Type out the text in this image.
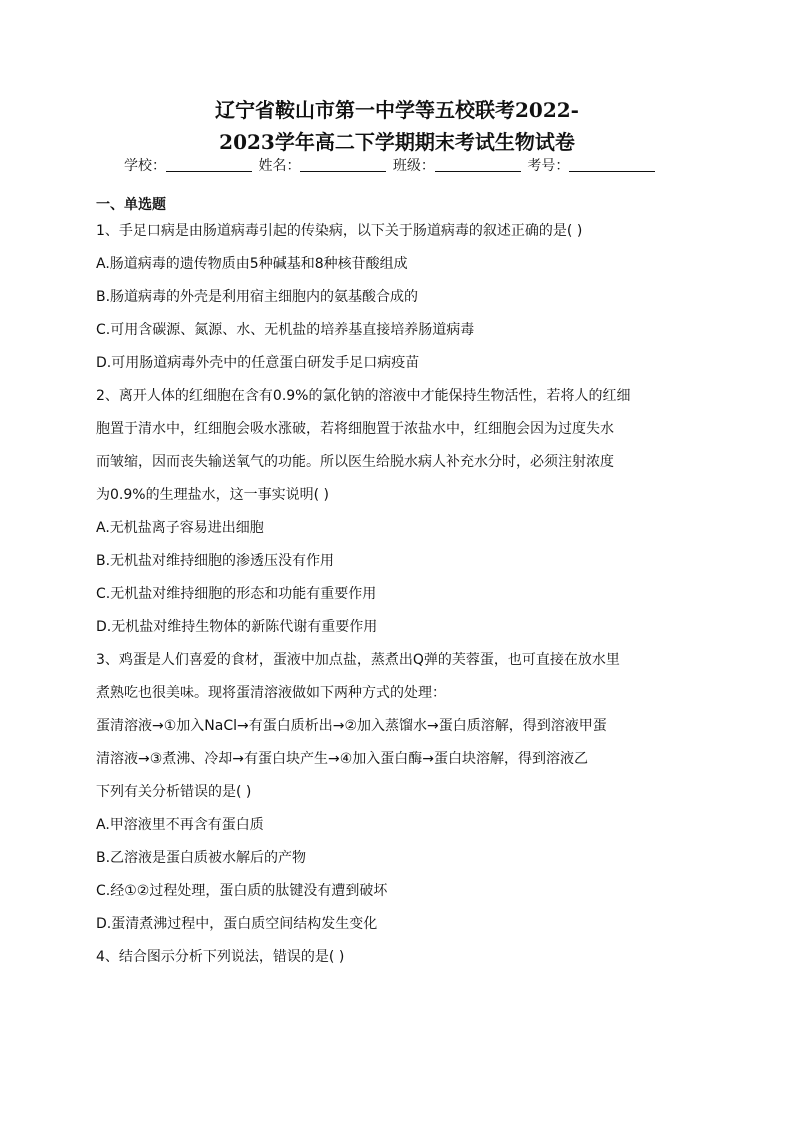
辽宁省鞍山市第一中学等五校联考2022-
2023学年高二下学期期末考试生物试卷
学校：	姓名：	班级：	考号：
一、单选题
1、手足口病是由肠道病毒引起的传染病，以下关于肠道病毒的叙述正确的是( )
A.肠道病毒的遗传物质由5种碱基和8种核苷酸组成
B.肠道病毒的外壳是利用宿主细胞内的氨基酸合成的
C.可用含碳源、氮源、水、无机盐的培养基直接培养肠道病毒
D.可用肠道病毒外壳中的任意蛋白研发手足口病疫苗
2、离开人体的红细胞在含有0.9%的氯化钠的溶液中才能保持生物活性，若将人的红细
胞置于清水中，红细胞会吸水涨破，若将细胞置于浓盐水中，红细胞会因为过度失水
而皱缩，因而丧失输送氧气的功能。所以医生给脱水病人补充水分时，必须注射浓度
为0.9%的生理盐水，这一事实说明( )
A.无机盐离子容易进出细胞
B.无机盐对维持细胞的渗透压没有作用
C.无机盐对维持细胞的形态和功能有重要作用
D.无机盐对维持生物体的新陈代谢有重要作用
3、鸡蛋是人们喜爱的食材，蛋液中加点盐，蒸煮出Q弹的芙蓉蛋，也可直接在放水里
煮熟吃也很美味。现将蛋清溶液做如下两种方式的处理：
蛋清溶液→①加入NaCl→有蛋白质析出→②加入蒸馏水→蛋白质溶解，得到溶液甲蛋
清溶液→③煮沸、冷却→有蛋白块产生→④加入蛋白酶→蛋白块溶解，得到溶液乙
下列有关分析错误的是( )
A.甲溶液里不再含有蛋白质
B.乙溶液是蛋白质被水解后的产物
C.经①②过程处理，蛋白质的肽键没有遭到破坏
D.蛋清煮沸过程中，蛋白质空间结构发生变化
4、结合图示分析下列说法，错误的是( )
